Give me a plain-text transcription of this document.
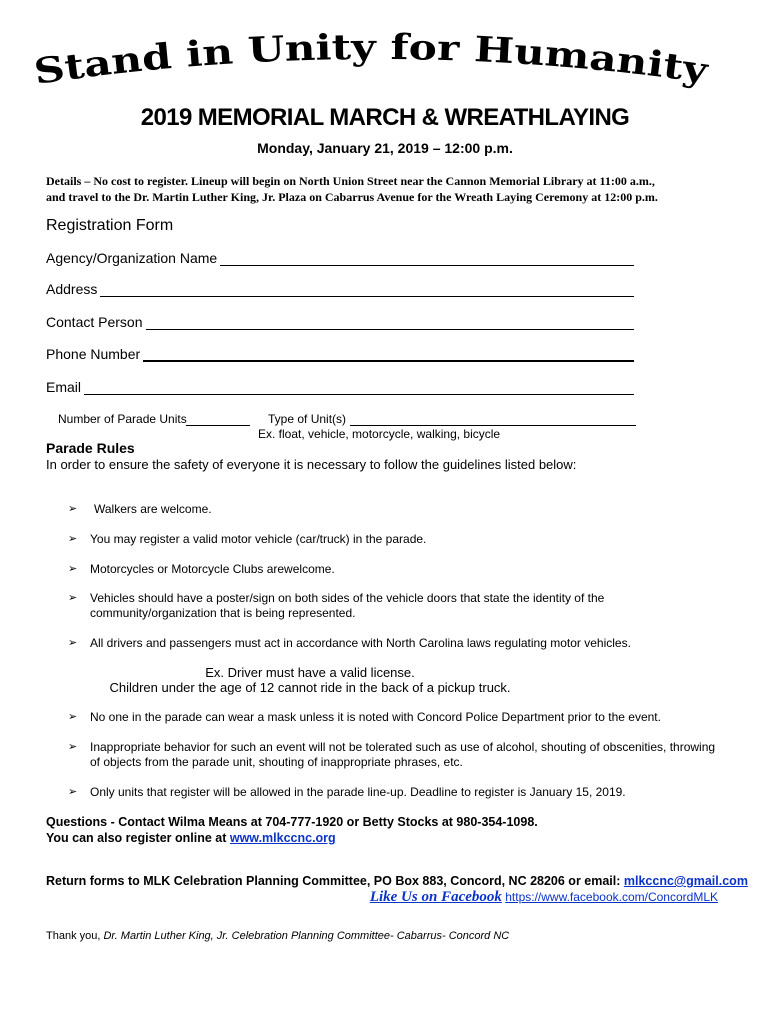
Stand in Unity for Humanity
2019 MEMORIAL MARCH & WREATHLAYING
Monday, January 21, 2019 – 12:00 p.m.
Details – No cost to register. Lineup will begin on North Union Street near the Cannon Memorial Library at 11:00 a.m.,
and travel to the Dr. Martin Luther King, Jr. Plaza on Cabarrus Avenue for the Wreath Laying Ceremony at 12:00 p.m.
Registration Form
Agency/Organization Name
Address
Contact Person
Phone Number
Email
Number of Parade Units	Type of Unit(s)
Ex. float, vehicle, motorcycle, walking, bicycle
Parade Rules
In order to ensure the safety of everyone it is necessary to follow the guidelines listed below:
➢	Walkers are welcome.
➢	You may register a valid motor vehicle (car/truck) in the parade.
➢	Motorcycles or Motorcycle Clubs arewelcome.
➢	Vehicles should have a poster/sign on both sides of the vehicle doors that state the identity of the community/organization that is being represented.
➢	All drivers and passengers must act in accordance with North Carolina laws regulating motor vehicles.
Ex. Driver must have a valid license.
Children under the age of 12 cannot ride in the back of a pickup truck.
➢	No one in the parade can wear a mask unless it is noted with Concord Police Department prior to the event.
➢	Inappropriate behavior for such an event will not be tolerated such as use of alcohol, shouting of obscenities, throwing of objects from the parade unit, shouting of inappropriate phrases, etc.
➢	Only units that register will be allowed in the parade line-up. Deadline to register is January 15, 2019.
Questions - Contact Wilma Means at 704-777-1920 or Betty Stocks at 980-354-1098.
You can also register online at www.mlkccnc.org
Return forms to MLK Celebration Planning Committee, PO Box 883, Concord, NC 28206 or email: mlkccnc@gmail.com
Like Us on Facebook https://www.facebook.com/ConcordMLK
Thank you, Dr. Martin Luther King, Jr. Celebration Planning Committee- Cabarrus- Concord NC
